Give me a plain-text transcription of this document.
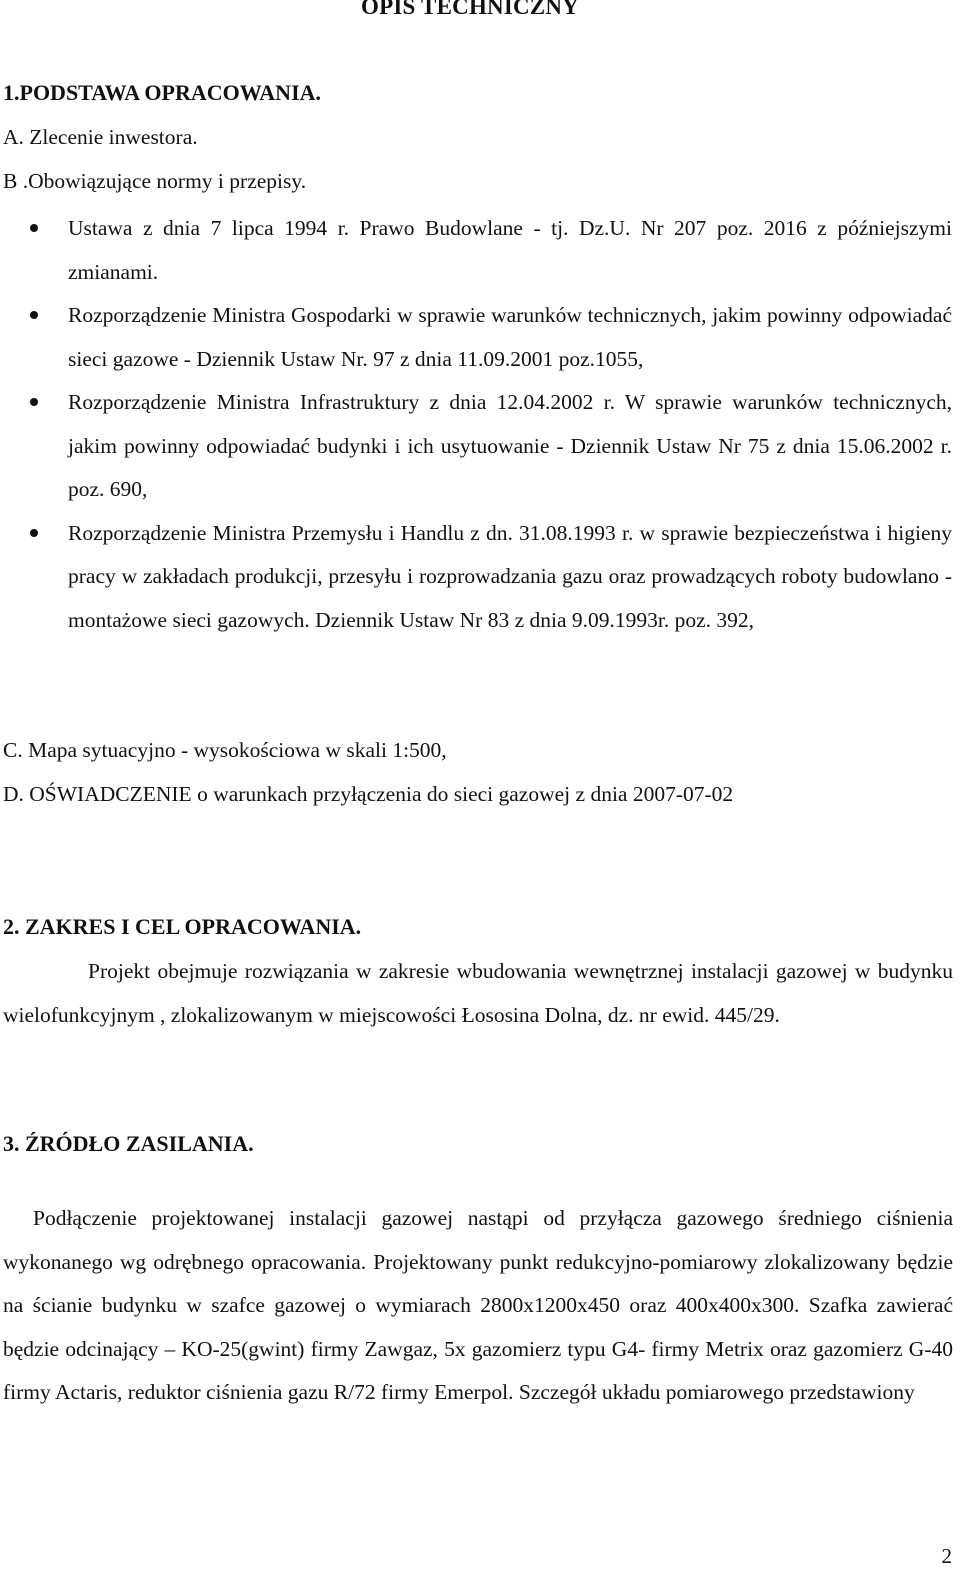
OPIS TECHNICZNY
1.PODSTAWA OPRACOWANIA.
A. Zlecenie inwestora.
B .Obowiązujące normy i przepisy.
Ustawa z dnia 7 lipca 1994 r. Prawo Budowlane - tj. Dz.U. Nr 207 poz. 2016 z późniejszymi zmianami.
Rozporządzenie Ministra Gospodarki w sprawie warunków technicznych, jakim powinny odpowiadać sieci gazowe - Dziennik Ustaw Nr. 97 z dnia 11.09.2001 poz.1055,
Rozporządzenie Ministra Infrastruktury z dnia 12.04.2002 r. W sprawie warunków technicznych, jakim powinny odpowiadać budynki i ich usytuowanie - Dziennik Ustaw Nr 75 z dnia 15.06.2002 r. poz. 690,
Rozporządzenie Ministra Przemysłu i Handlu z dn. 31.08.1993 r. w sprawie bezpieczeństwa i higieny pracy w zakładach produkcji, przesyłu i rozprowadzania gazu oraz prowadzących roboty budowlano - montażowe sieci gazowych. Dziennik Ustaw Nr 83 z dnia 9.09.1993r. poz. 392,
C. Mapa sytuacyjno - wysokościowa w skali 1:500,
D. OŚWIADCZENIE o warunkach przyłączenia do sieci gazowej z dnia 2007-07-02
2. ZAKRES I CEL OPRACOWANIA.

Projekt obejmuje rozwiązania w zakresie wbudowania wewnętrznej instalacji gazowej w budynku wielofunkcyjnym , zlokalizowanym w miejscowości Łososina Dolna, dz. nr ewid. 445/29.

3. ŹRÓDŁO ZASILANIA.

Podłączenie projektowanej instalacji gazowej nastąpi od przyłącza gazowego średniego ciśnienia wykonanego wg odrębnego opracowania. Projektowany punkt redukcyjno-pomiarowy zlokalizowany będzie na ścianie budynku w szafce gazowej o wymiarach 2800x1200x450 oraz 400x400x300. Szafka zawierać będzie odcinający – KO-25(gwint) firmy Zawgaz, 5x gazomierz typu G4- firmy Metrix oraz gazomierz G-40 firmy Actaris, reduktor ciśnienia gazu R/72 firmy Emerpol. Szczegół układu pomiarowego przedstawiony

2
